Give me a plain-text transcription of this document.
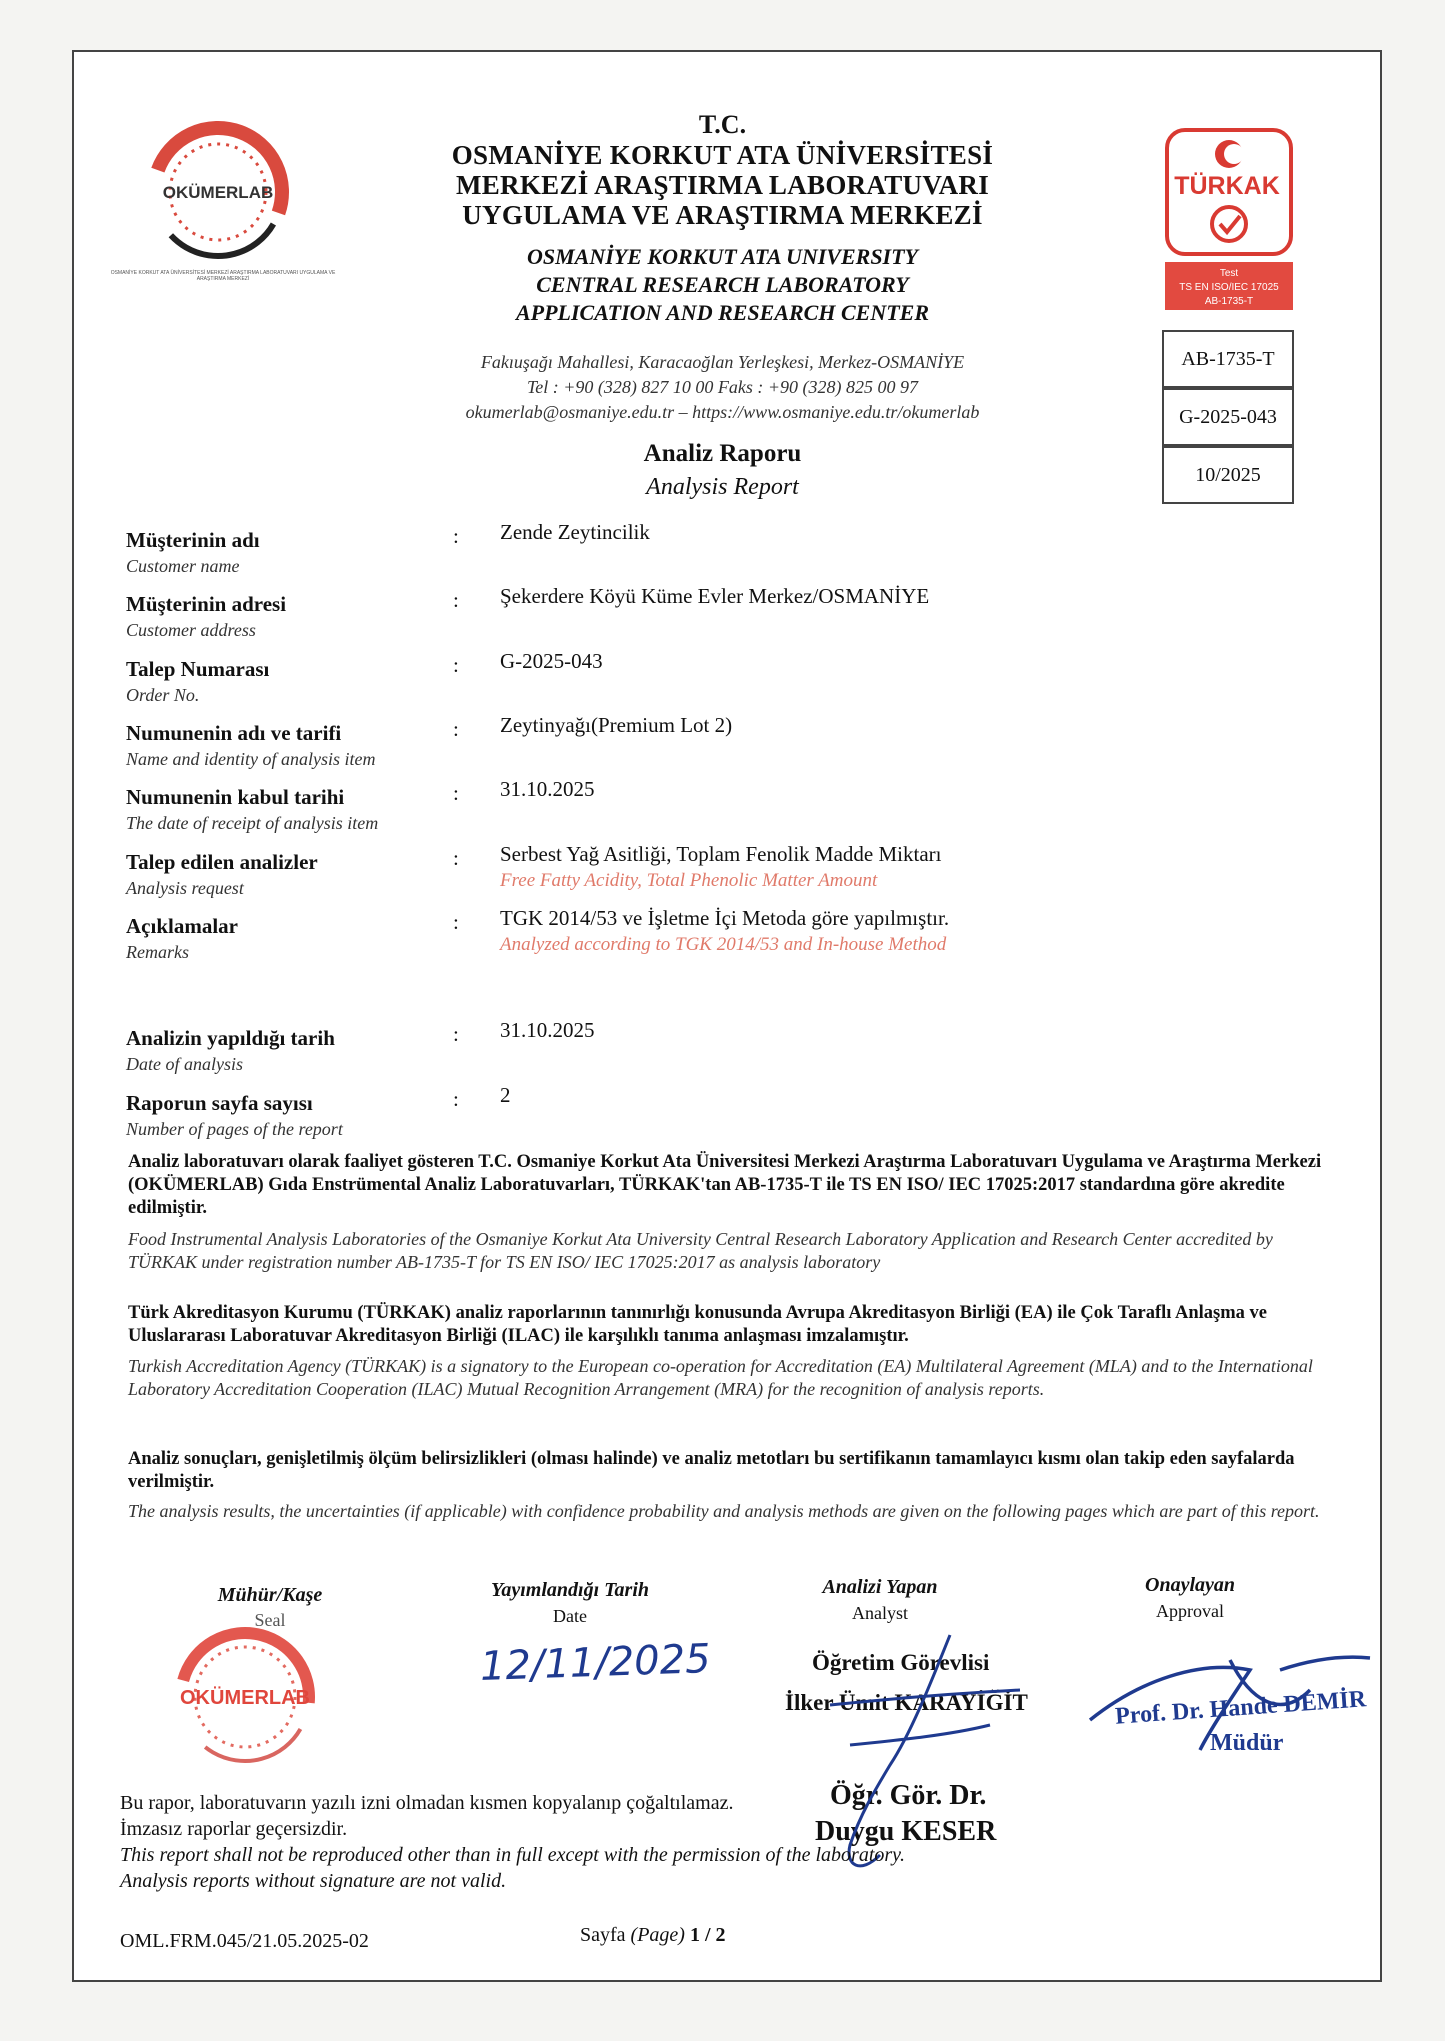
OKÜMERLAB
OSMANİYE KORKUT ATA ÜNİVERSİTESİ MERKEZİ ARAŞTIRMA LABORATUVARI UYGULAMA VE ARAŞTIRMA MERKEZİ
T.C.
OSMANİYE KORKUT ATA ÜNİVERSİTESİ
MERKEZİ ARAŞTIRMA LABORATUVARI
UYGULAMA VE ARAŞTIRMA MERKEZİ
OSMANİYE KORKUT ATA UNIVERSITY
CENTRAL RESEARCH LABORATORY
APPLICATION AND RESEARCH CENTER
Fakıuşağı Mahallesi, Karacaoğlan Yerleşkesi, Merkez-OSMANİYE
Tel : +90 (328) 827 10 00 Faks : +90 (328) 825 00 97
okumerlab@osmaniye.edu.tr – https://www.osmaniye.edu.tr/okumerlab
Analiz Raporu
Analysis Report
TÜRKAK
Test
TS EN ISO/IEC 17025
AB-1735-T
AB-1735-T
G-2025-043
10/2025
Müşterinin adı
Customer name
: Zende Zeytincilik
Müşterinin adresi
Customer address
: Şekerdere Köyü Küme Evler Merkez/OSMANİYE
Talep Numarası
Order No.
: G-2025-043
Numunenin adı ve tarifi
Name and identity of analysis item
: Zeytinyağı(Premium Lot 2)
Numunenin kabul tarihi
The date of receipt of analysis item
: 31.10.2025
Talep edilen analizler
Analysis request
: Serbest Yağ Asitliği, Toplam Fenolik Madde Miktarı
Free Fatty Acidity, Total Phenolic Matter Amount
Açıklamalar
Remarks
: TGK 2014/53 ve İşletme İçi Metoda göre yapılmıştır.
Analyzed according to TGK 2014/53 and In-house Method
Analizin yapıldığı tarih
Date of analysis
: 31.10.2025
Raporun sayfa sayısı
Number of pages of the report
: 2
Analiz laboratuvarı olarak faaliyet gösteren T.C. Osmaniye Korkut Ata Üniversitesi Merkezi Araştırma Laboratuvarı Uygulama ve Araştırma Merkezi (OKÜMERLAB) Gıda Enstrümental Analiz Laboratuvarları, TÜRKAK'tan AB-1735-T ile TS EN ISO/ IEC 17025:2017 standardına göre akredite edilmiştir.
Food Instrumental Analysis Laboratories of the Osmaniye Korkut Ata University Central Research Laboratory Application and Research Center accredited by TÜRKAK under registration number AB-1735-T for TS EN ISO/ IEC 17025:2017 as analysis laboratory
Türk Akreditasyon Kurumu (TÜRKAK) analiz raporlarının tanınırlığı konusunda Avrupa Akreditasyon Birliği (EA) ile Çok Taraflı Anlaşma ve Uluslararası Laboratuvar Akreditasyon Birliği (ILAC) ile karşılıklı tanıma anlaşması imzalamıştır.
Turkish Accreditation Agency (TÜRKAK) is a signatory to the European co-operation for Accreditation (EA) Multilateral Agreement (MLA) and to the International Laboratory Accreditation Cooperation (ILAC) Mutual Recognition Arrangement (MRA) for the recognition of analysis reports.
Analiz sonuçları, genişletilmiş ölçüm belirsizlikleri (olması halinde) ve analiz metotları bu sertifikanın tamamlayıcı kısmı olan takip eden sayfalarda verilmiştir.
The analysis results, the uncertainties (if applicable) with confidence probability and analysis methods are given on the following pages which are part of this report.
Mühür/Kaşe
Seal
Yayımlandığı Tarih
Date
Analizi Yapan
Analyst
Onaylayan
Approval
OKÜMERLAB
12/11/2025	Öğretim Görevlisi
İlker Ümit KARAYİĞİT
Öğr. Gör. Dr.
Duygu KESER
Prof. Dr. Hande DEMİR
Müdür
Bu rapor, laboratuvarın yazılı izni olmadan kısmen kopyalanıp çoğaltılamaz.
İmzasız raporlar geçersizdir.
This report shall not be reproduced other than in full except with the permission of the laboratory.
Analysis reports without signature are not valid.
OML.FRM.045/21.05.2025-02	Sayfa (Page) 1 / 2
